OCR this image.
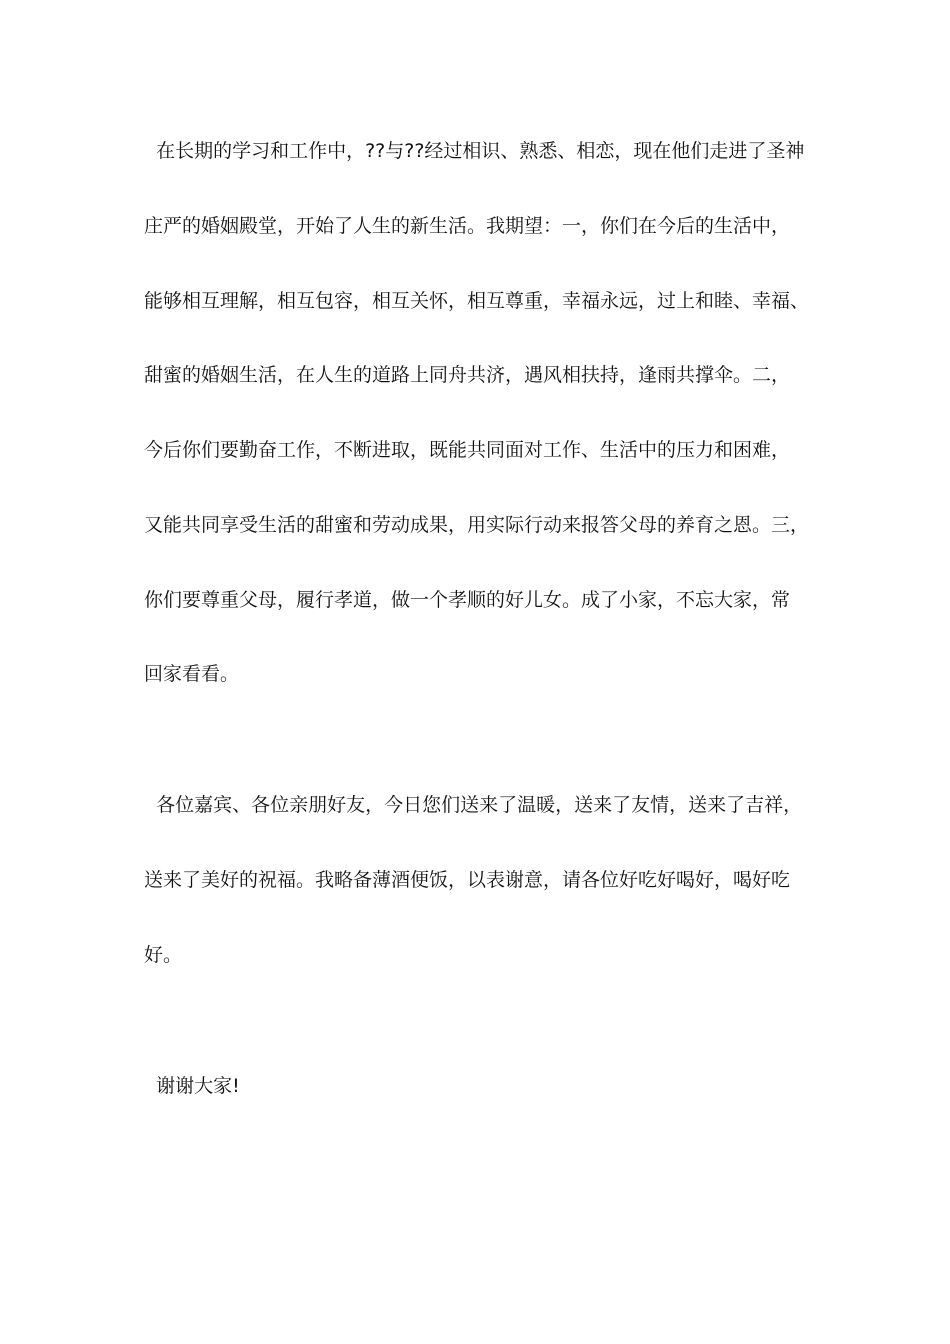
在长期的学习和工作中，??与??经过相识、熟悉、相恋，现在他们走进了圣神
庄严的婚姻殿堂，开始了人生的新生活。我期望：一，你们在今后的生活中，
能够相互理解，相互包容，相互关怀，相互尊重，幸福永远，过上和睦、幸福、
甜蜜的婚姻生活，在人生的道路上同舟共济，遇风相扶持，逢雨共撑伞。二，
今后你们要勤奋工作，不断进取，既能共同面对工作、生活中的压力和困难，
又能共同享受生活的甜蜜和劳动成果，用实际行动来报答父母的养育之恩。三，
你们要尊重父母，履行孝道，做一个孝顺的好儿女。成了小家，不忘大家，常
回家看看。
各位嘉宾、各位亲朋好友，今日您们送来了温暖，送来了友情，送来了吉祥，
送来了美好的祝福。我略备薄酒便饭，以表谢意，请各位好吃好喝好，喝好吃
好。
谢谢大家!
